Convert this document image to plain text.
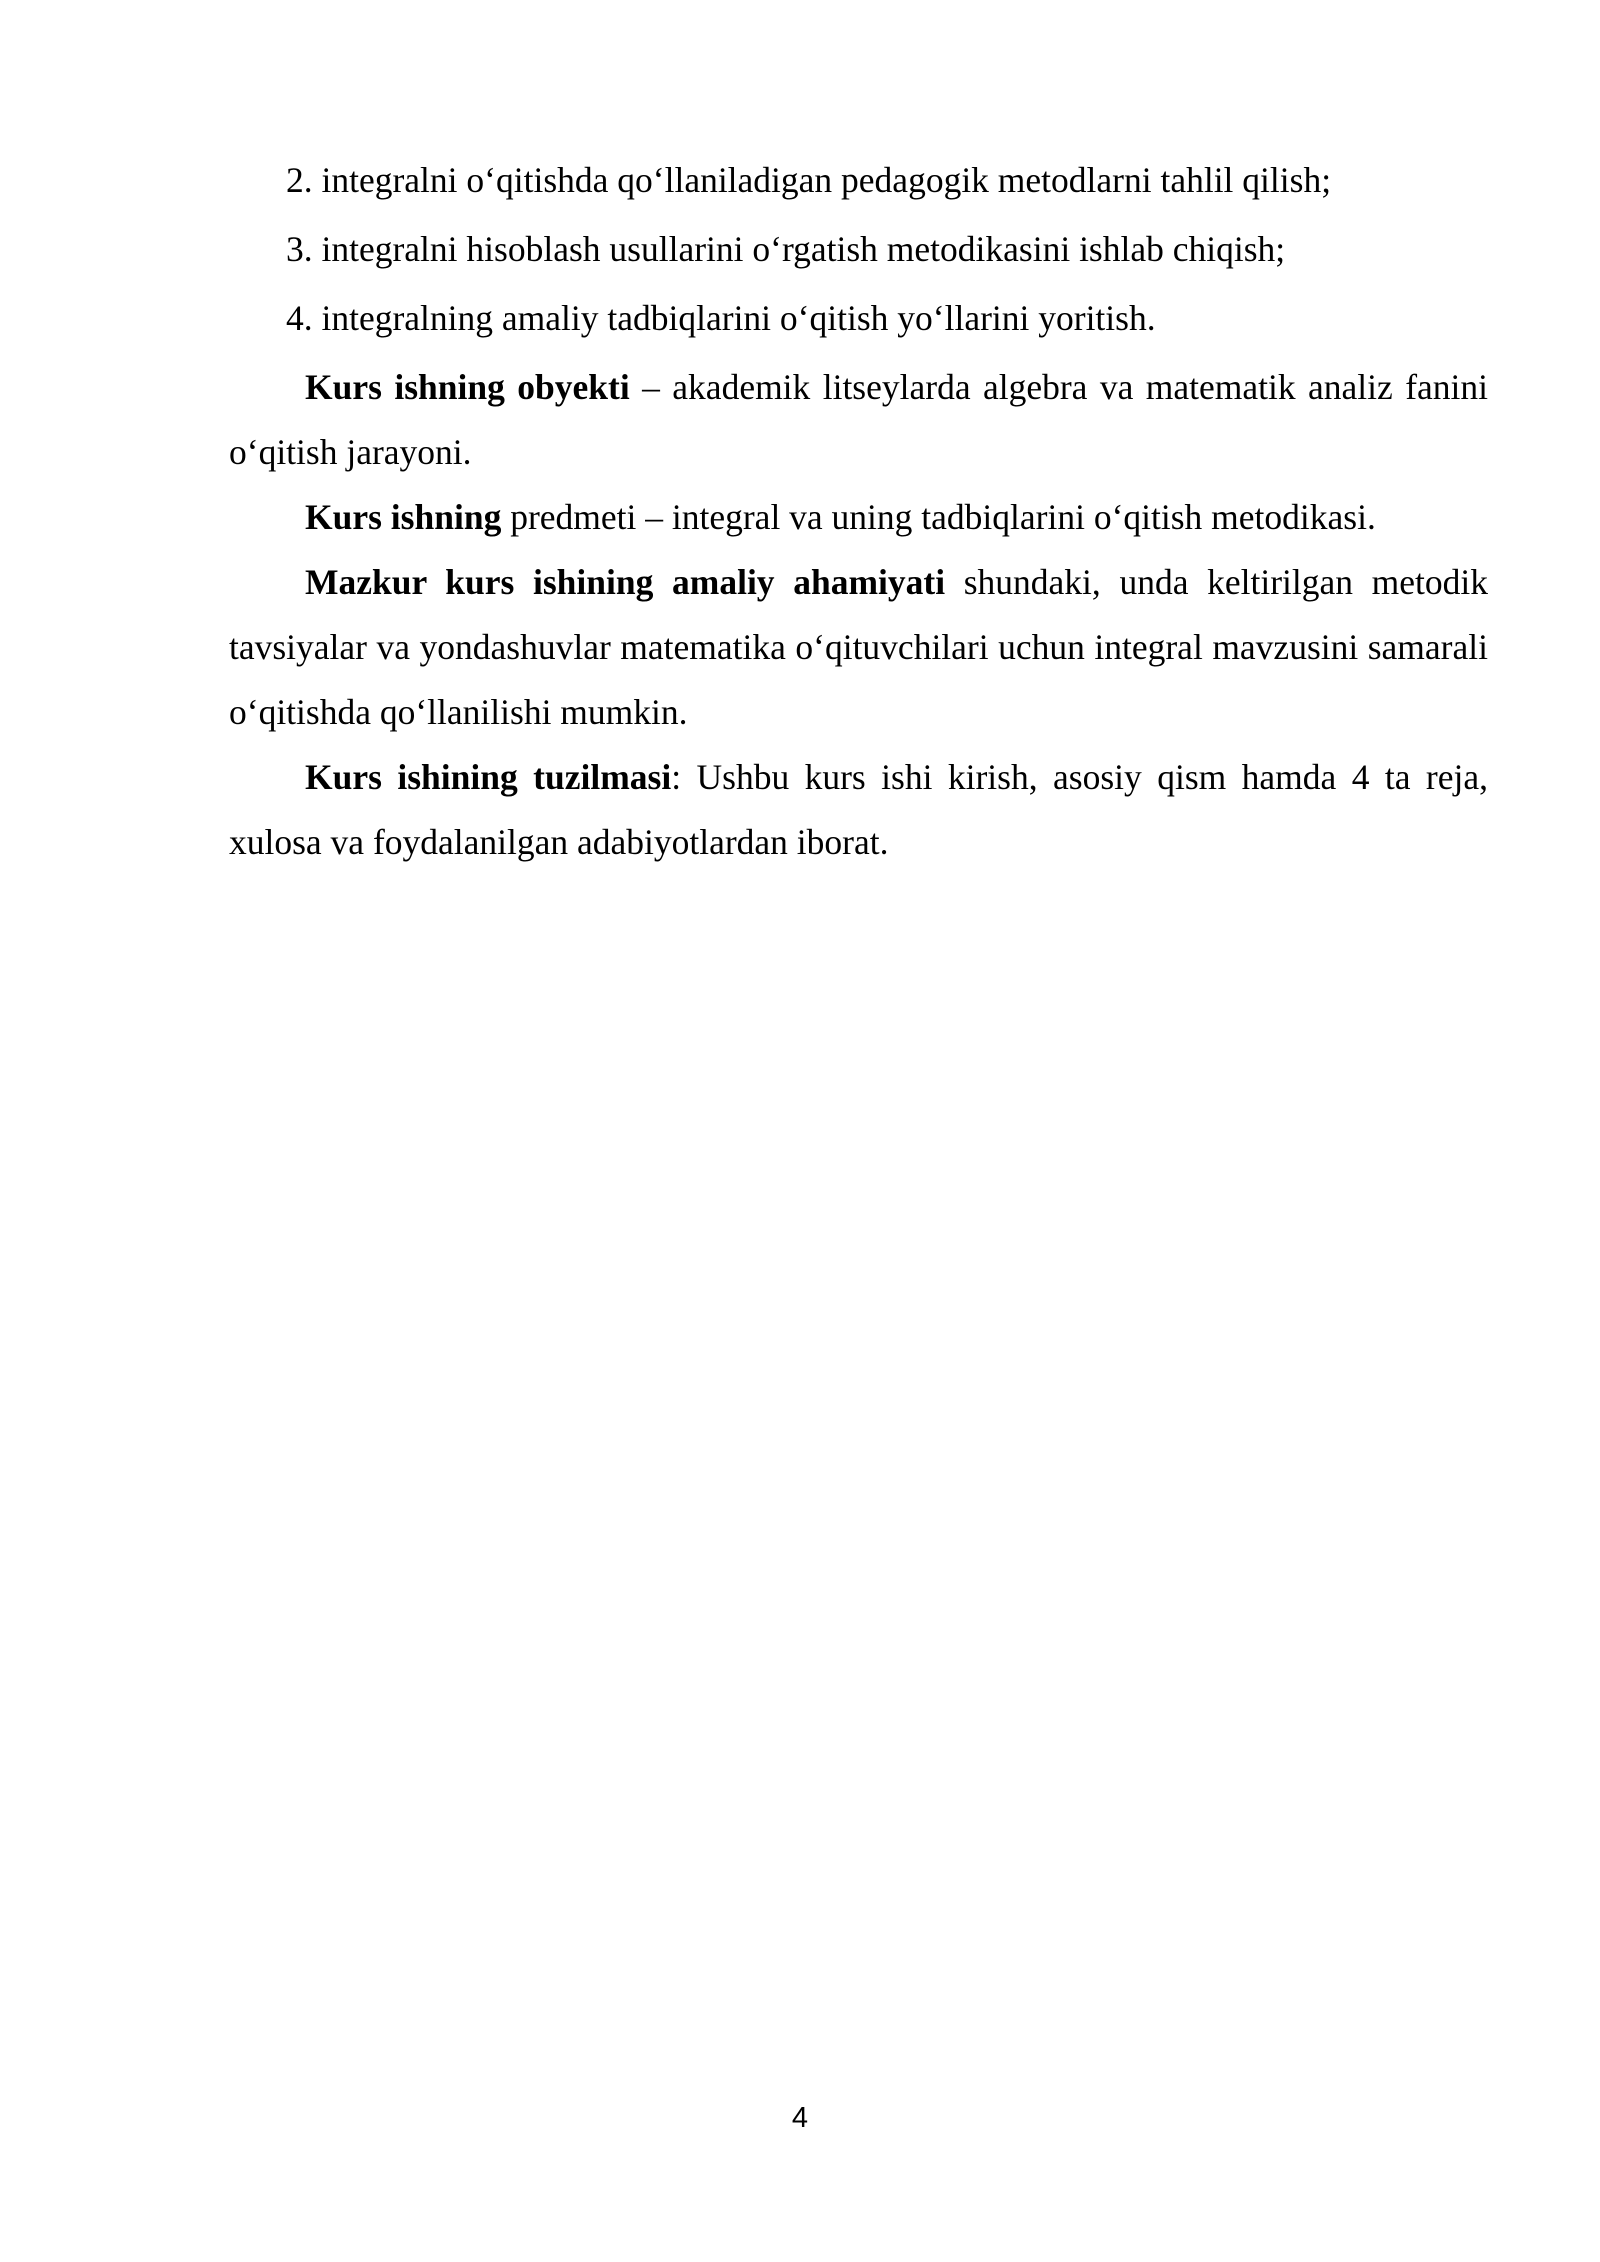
2. integralni o‘qitishda qo‘llaniladigan pedagogik metodlarni tahlil qilish;
3. integralni hisoblash usullarini o‘rgatish metodikasini ishlab chiqish;
4. integralning amaliy tadbiqlarini o‘qitish yo‘llarini yoritish.

Kurs ishning obyekti – akademik litseylarda algebra va matematik analiz fanini o‘qitish jarayoni.

Kurs ishning predmeti – integral va uning tadbiqlarini o‘qitish metodikasi.

Mazkur kurs ishining amaliy ahamiyati shundaki, unda keltirilgan metodik tavsiyalar va yondashuvlar matematika o‘qituvchilari uchun integral mavzusini samarali o‘qitishda qo‘llanilishi mumkin.

Kurs ishining tuzilmasi: Ushbu kurs ishi kirish, asosiy qism hamda 4 ta reja, xulosa va foydalanilgan adabiyotlardan iborat.

4
